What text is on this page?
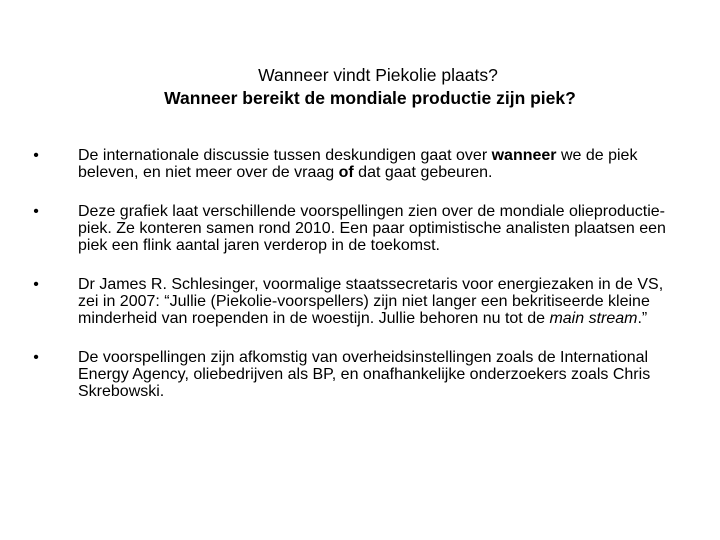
Wanneer vindt Piekolie plaats?
Wanneer bereikt de mondiale productie zijn piek?
•	De internationale discussie tussen deskundigen gaat over wanneer we de piek beleven, en niet meer over de vraag of dat gaat gebeuren.
•	Deze grafiek laat verschillende voorspellingen zien over de mondiale olieproductie-piek. Ze konteren samen rond 2010. Een paar optimistische analisten plaatsen een piek een flink aantal jaren verderop in de toekomst.
•	Dr James R. Schlesinger, voormalige staatssecretaris voor energiezaken in de VS, zei in 2007: “Jullie (Piekolie-voorspellers) zijn niet langer een bekritiseerde kleine minderheid van roependen in de woestijn. Jullie behoren nu tot de main stream.”
•	De voorspellingen zijn afkomstig van overheidsinstellingen zoals de International Energy Agency, oliebedrijven als BP, en onafhankelijke onderzoekers zoals Chris Skrebowski.
